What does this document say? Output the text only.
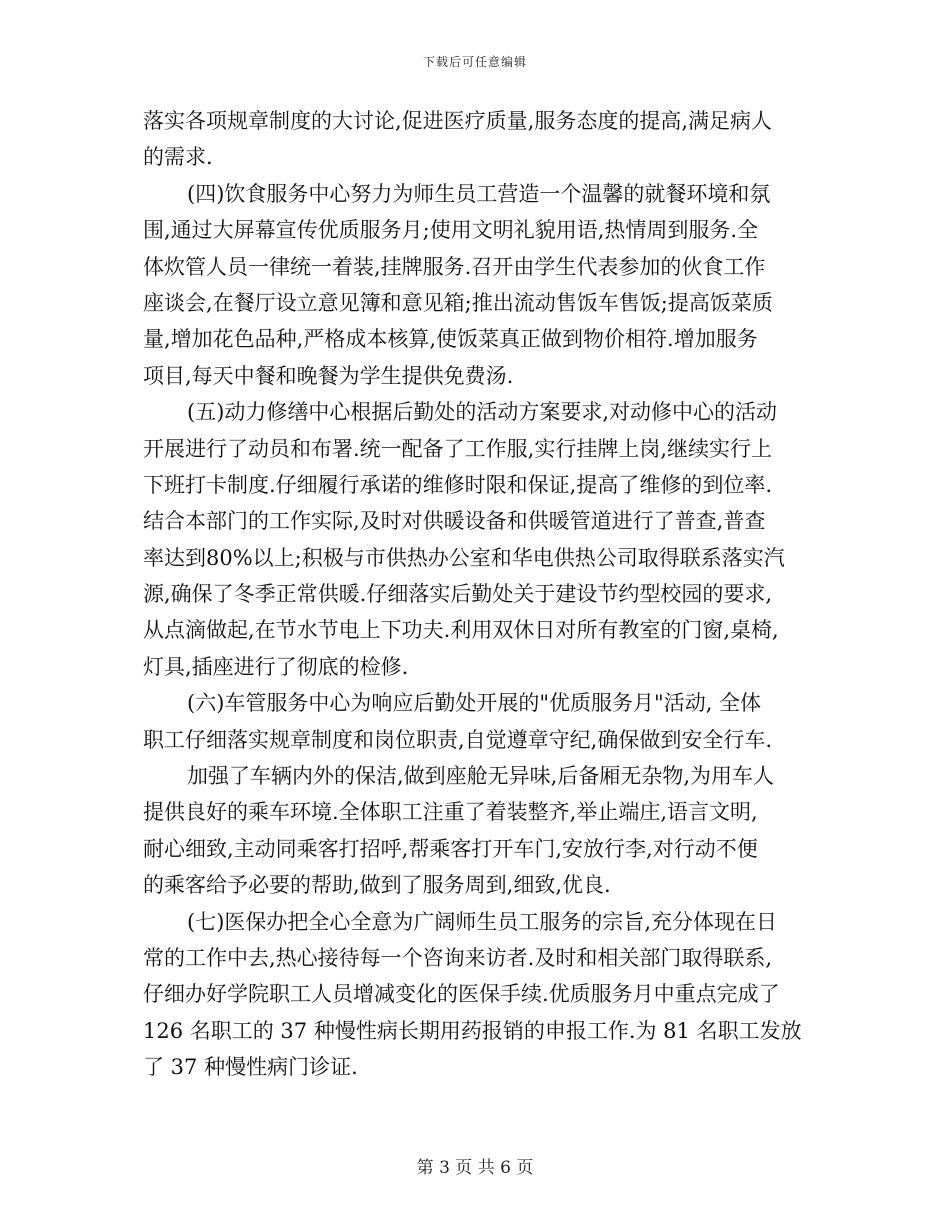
下载后可任意编辑
落实各项规章制度的大讨论,促进医疗质量,服务态度的提高,满足病人
的需求.
(四)饮食服务中心努力为师生员工营造一个温馨的就餐环境和氛
围,通过大屏幕宣传优质服务月;使用文明礼貌用语,热情周到服务.全
体炊管人员一律统一着装,挂牌服务.召开由学生代表参加的伙食工作
座谈会,在餐厅设立意见簿和意见箱;推出流动售饭车售饭;提高饭菜质
量,增加花色品种,严格成本核算,使饭菜真正做到物价相符.增加服务
项目,每天中餐和晚餐为学生提供免费汤.
(五)动力修缮中心根据后勤处的活动方案要求,对动修中心的活动
开展进行了动员和布署.统一配备了工作服,实行挂牌上岗,继续实行上
下班打卡制度.仔细履行承诺的维修时限和保证,提高了维修的到位率.
结合本部门的工作实际,及时对供暖设备和供暖管道进行了普查,普查
率达到80%以上;积极与市供热办公室和华电供热公司取得联系落实汽
源,确保了冬季正常供暖.仔细落实后勤处关于建设节约型校园的要求,
从点滴做起,在节水节电上下功夫.利用双休日对所有教室的门窗,桌椅,
灯具,插座进行了彻底的检修.
(六)车管服务中心为响应后勤处开展的"优质服务月"活动, 全体
职工仔细落实规章制度和岗位职责,自觉遵章守纪,确保做到安全行车.
加强了车辆内外的保洁,做到座舱无异味,后备厢无杂物,为用车人
提供良好的乘车环境.全体职工注重了着装整齐,举止端庄,语言文明,
耐心细致,主动同乘客打招呼,帮乘客打开车门,安放行李,对行动不便
的乘客给予必要的帮助,做到了服务周到,细致,优良.
(七)医保办把全心全意为广阔师生员工服务的宗旨,充分体现在日
常的工作中去,热心接待每一个咨询来访者.及时和相关部门取得联系,
仔细办好学院职工人员增减变化的医保手续.优质服务月中重点完成了
126 名职工的 37 种慢性病长期用药报销的申报工作.为 81 名职工发放
了 37 种慢性病门诊证.
第 3 页 共 6 页
